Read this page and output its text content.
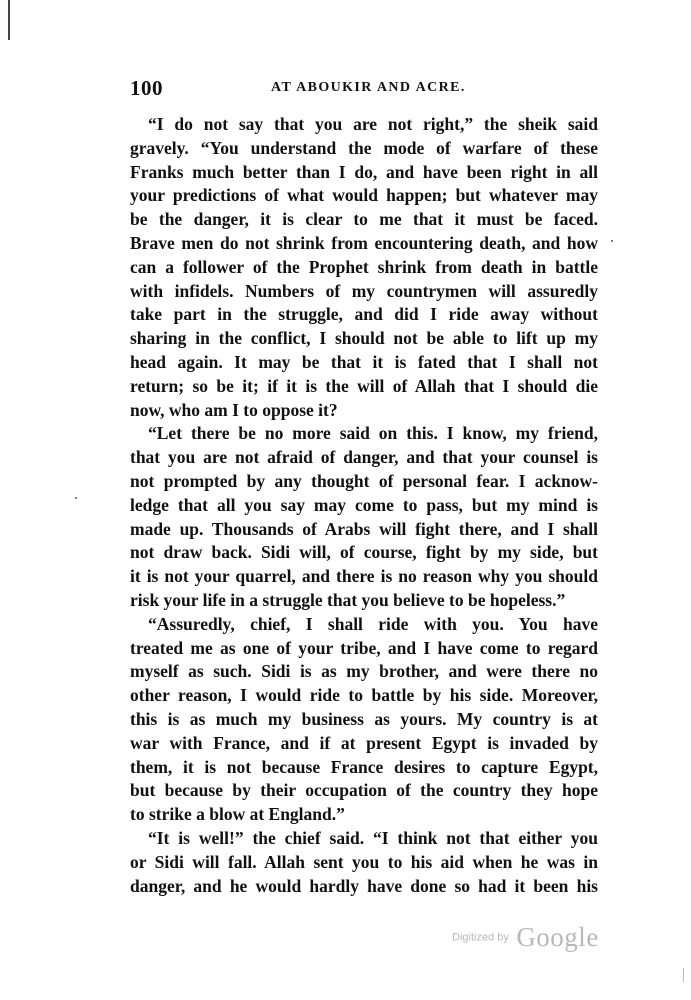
100	AT ABOUKIR AND ACRE.
“I do not say that you are not right,” the sheik said
gravely. “You understand the mode of warfare of these
Franks much better than I do, and have been right in all
your predictions of what would happen; but whatever may
be the danger, it is clear to me that it must be faced.
Brave men do not shrink from encountering death, and how
can a follower of the Prophet shrink from death in battle
with infidels. Numbers of my countrymen will assuredly
take part in the struggle, and did I ride away without
sharing in the conflict, I should not be able to lift up my
head again. It may be that it is fated that I shall not
return; so be it; if it is the will of Allah that I should die
now, who am I to oppose it?
“Let there be no more said on this. I know, my friend,
that you are not afraid of danger, and that your counsel is
not prompted by any thought of personal fear. I acknow-
ledge that all you say may come to pass, but my mind is
made up. Thousands of Arabs will fight there, and I shall
not draw back. Sidi will, of course, fight by my side, but
it is not your quarrel, and there is no reason why you should
risk your life in a struggle that you believe to be hopeless.”
“Assuredly, chief, I shall ride with you. You have
treated me as one of your tribe, and I have come to regard
myself as such. Sidi is as my brother, and were there no
other reason, I would ride to battle by his side. Moreover,
this is as much my business as yours. My country is at
war with France, and if at present Egypt is invaded by
them, it is not because France desires to capture Egypt,
but because by their occupation of the country they hope
to strike a blow at England.”
“It is well!” the chief said. “I think not that either you
or Sidi will fall. Allah sent you to his aid when he was in
danger, and he would hardly have done so had it been his
Digitized by Google
